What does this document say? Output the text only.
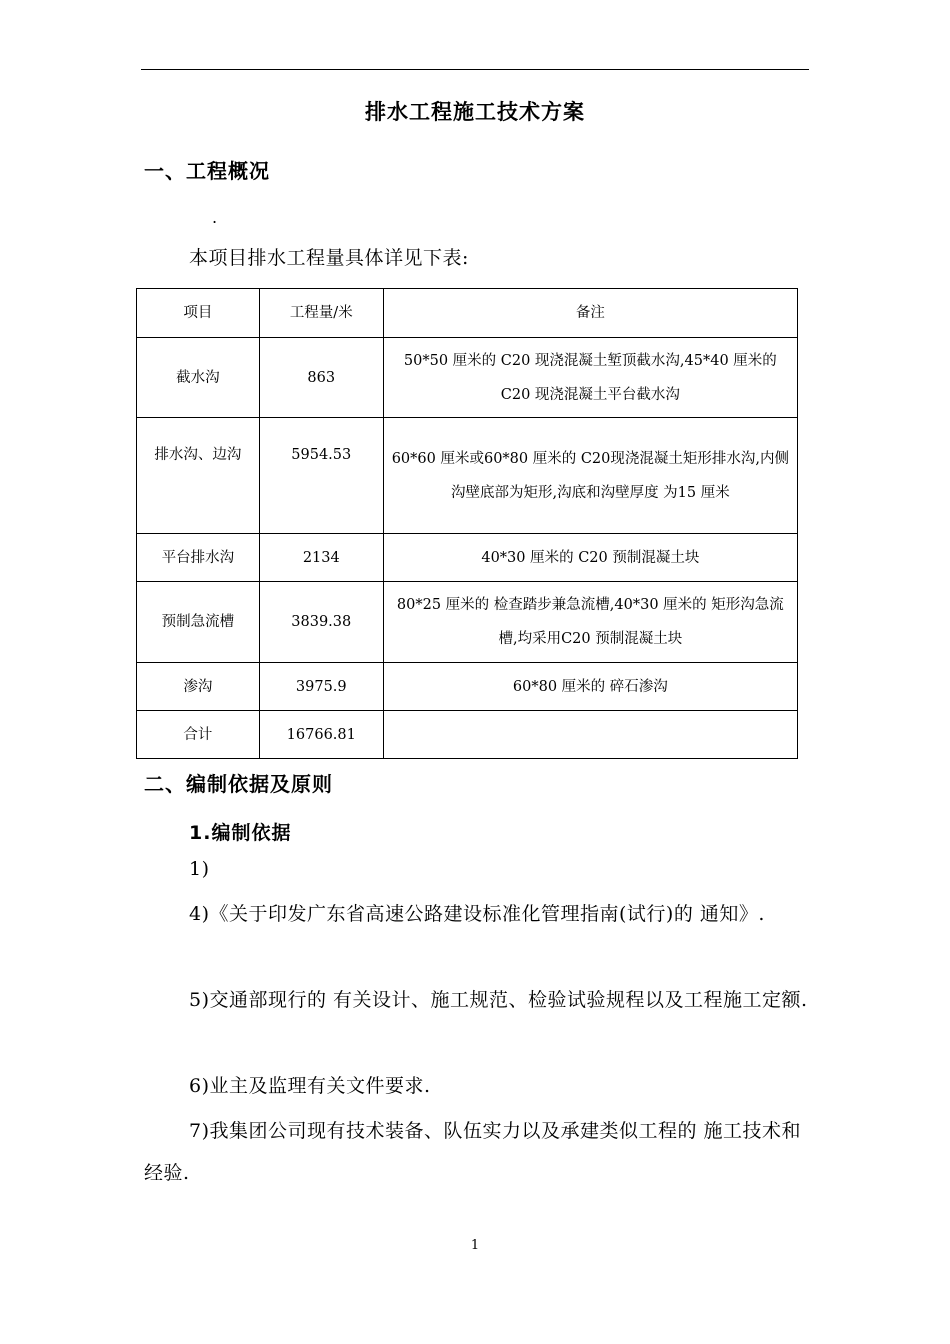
排水工程施工技术方案
一、工程概况
.
本项目排水工程量具体详见下表:
项目	工程量/米	备注
截水沟	863	50*50 厘米的 C20 现浇混凝土堑顶截水沟,45*40 厘米的 C20 现浇混凝土平台截水沟
排水沟、边沟	5954.53	60*60 厘米或60*80 厘米的 C20现浇混凝土矩形排水沟,内侧沟壁底部为矩形,沟底和沟壁厚度 为15 厘米
平台排水沟	2134	40*30 厘米的 C20 预制混凝土块
预制急流槽	3839.38	80*25 厘米的 检查踏步兼急流槽,40*30 厘米的 矩形沟急流槽,均采用C20 预制混凝土块
渗沟	3975.9	60*80 厘米的 碎石渗沟
合计	16766.81	
二、编制依据及原则
1.编制依据
1)
4)《关于印发广东省高速公路建设标准化管理指南(试行)的 通知》.
5)交通部现行的 有关设计、施工规范、检验试验规程以及工程施工定额.
6)业主及监理有关文件要求.
7)我集团公司现有技术装备、队伍实力以及承建类似工程的 施工技术和经验.
1
